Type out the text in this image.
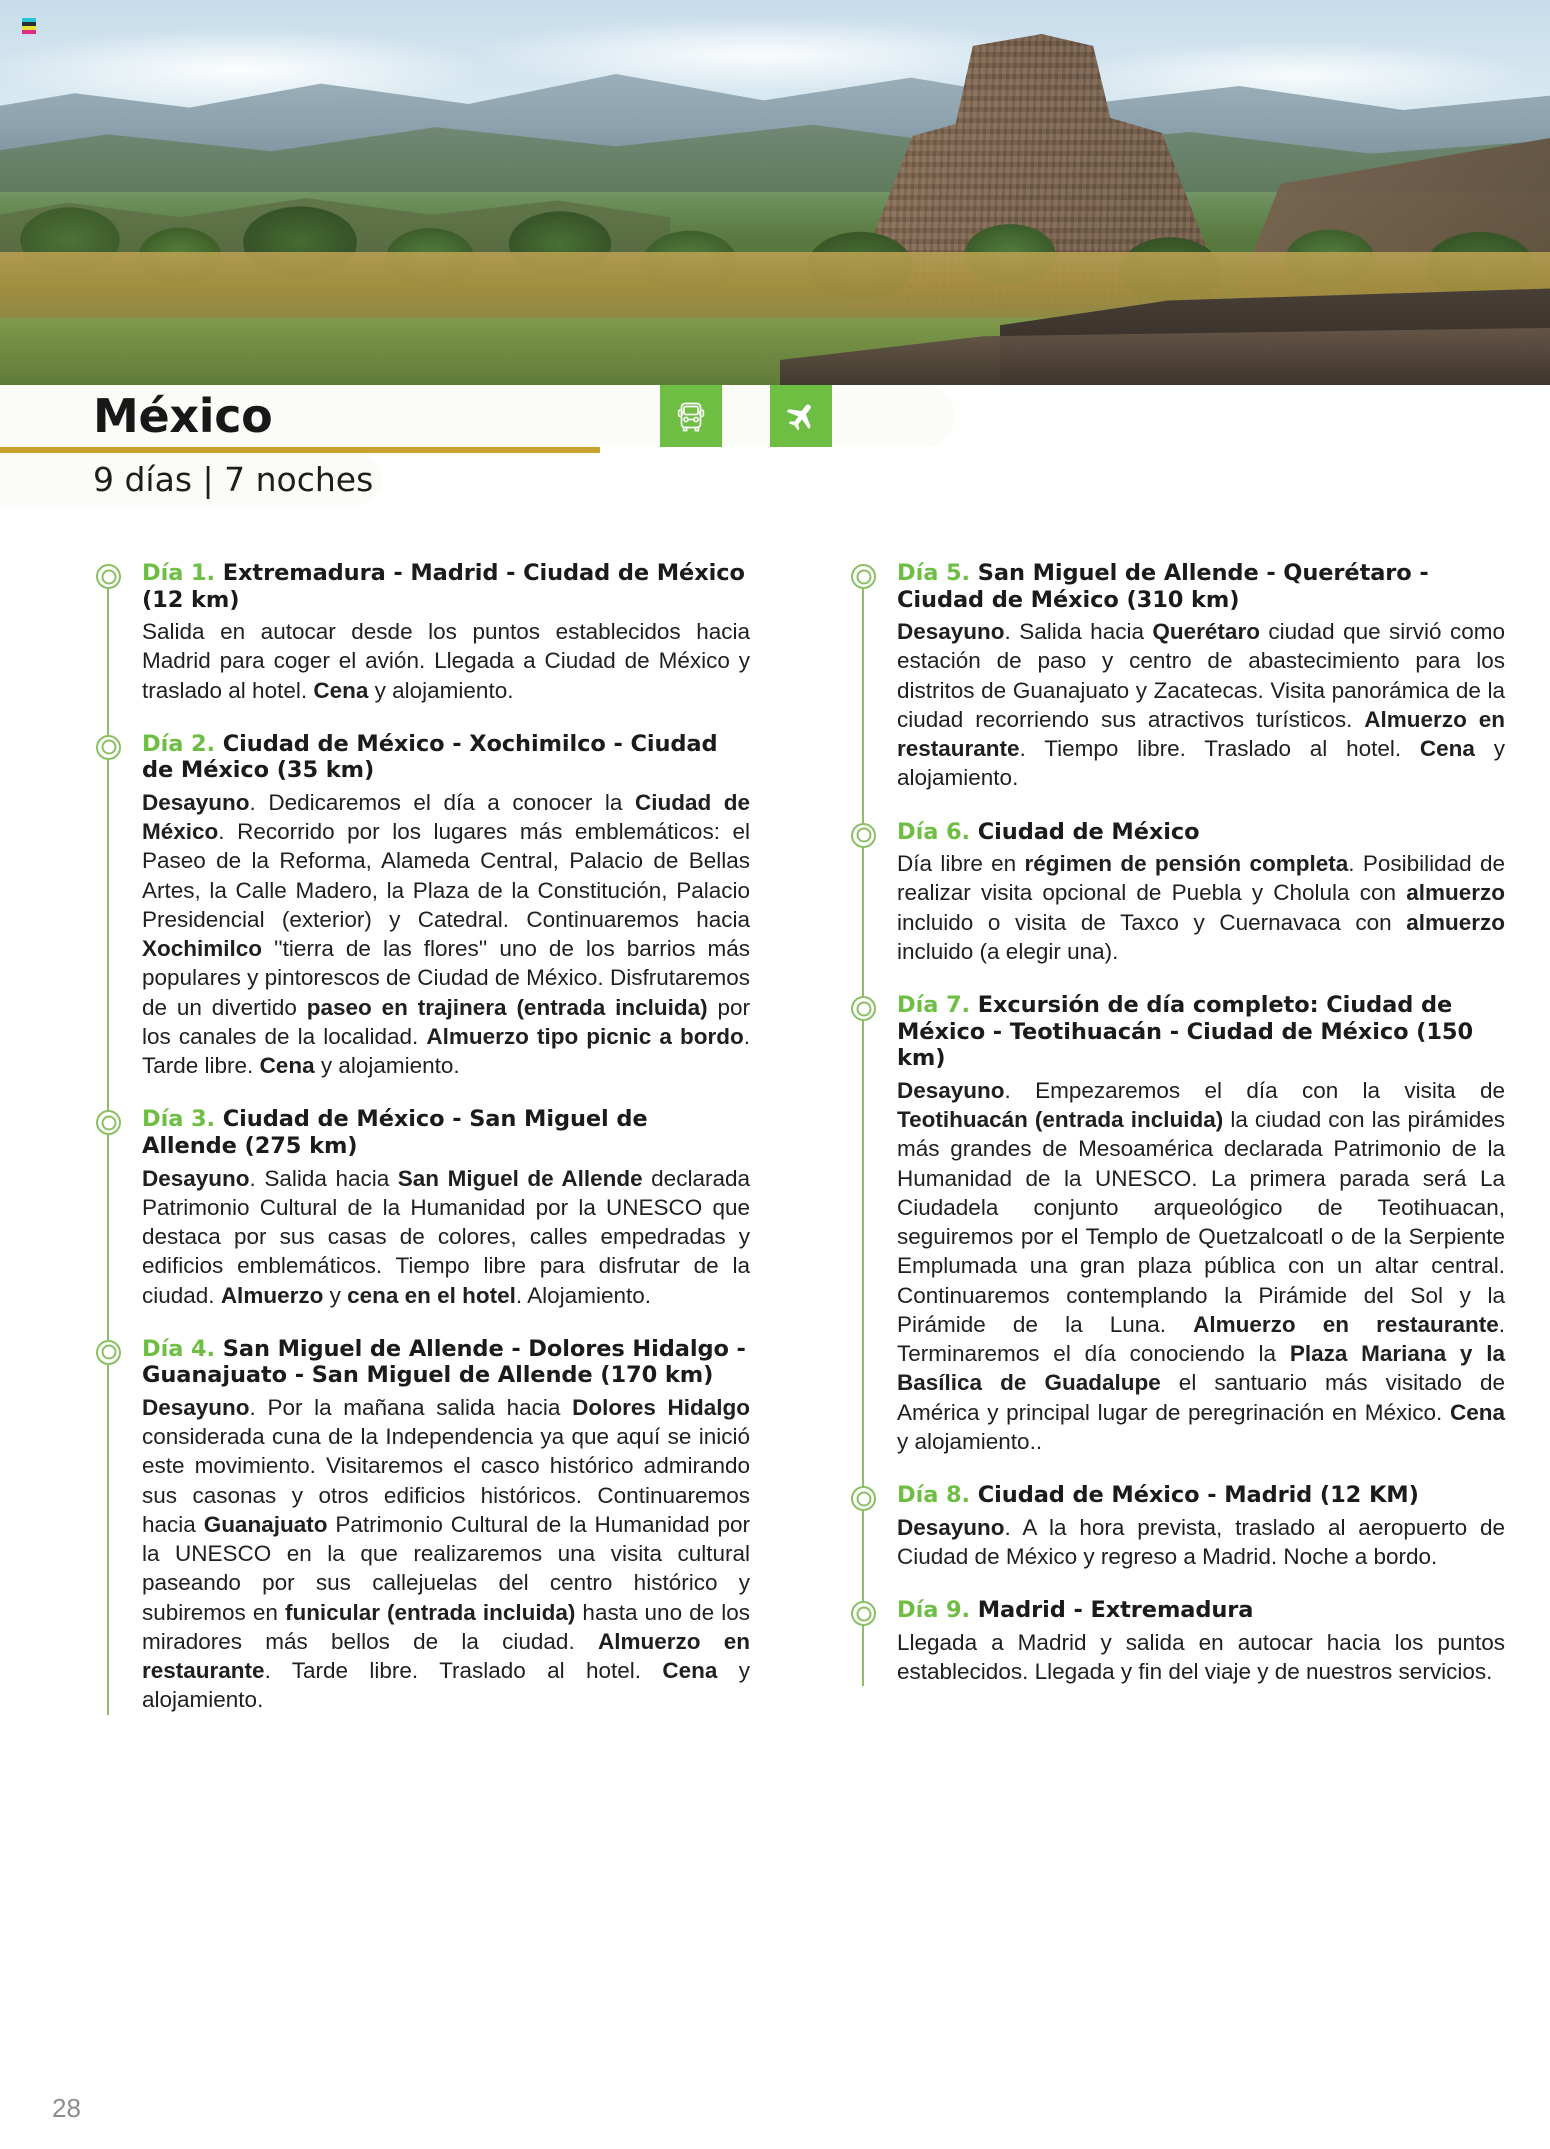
México
9 días | 7 noches
Día 1. Extremadura - Madrid - Ciudad de México (12 km)
Salida en autocar desde los puntos establecidos hacia Madrid para coger el avión. Llegada a Ciudad de México y traslado al hotel. Cena y alojamiento.
Día 2. Ciudad de México - Xochimilco - Ciudad de México (35 km)
Desayuno. Dedicaremos el día a conocer la Ciudad de México. Recorrido por los lugares más emblemáticos: el Paseo de la Reforma, Alameda Central, Palacio de Bellas Artes, la Calle Madero, la Plaza de la Constitución, Palacio Presidencial (exterior) y Catedral. Continuaremos hacia Xochimilco ''tierra de las flores'' uno de los barrios más populares y pintorescos de Ciudad de México. Disfrutaremos de un divertido paseo en trajinera (entrada incluida) por los canales de la localidad. Almuerzo tipo picnic a bordo. Tarde libre. Cena y alojamiento.
Día 3. Ciudad de México - San Miguel de Allende (275 km)
Desayuno. Salida hacia San Miguel de Allende declarada Patrimonio Cultural de la Humanidad por la UNESCO que destaca por sus casas de colores, calles empedradas y edificios emblemáticos. Tiempo libre para disfrutar de la ciudad. Almuerzo y cena en el hotel. Alojamiento.
Día 4. San Miguel de Allende - Dolores Hidalgo - Guanajuato - San Miguel de Allende (170 km)
Desayuno. Por la mañana salida hacia Dolores Hidalgo considerada cuna de la Independencia ya que aquí se inició este movimiento. Visitaremos el casco histórico admirando sus casonas y otros edificios históricos. Continuaremos hacia Guanajuato Patrimonio Cultural de la Humanidad por la UNESCO en la que realizaremos una visita cultural paseando por sus callejuelas del centro histórico y subiremos en funicular (entrada incluida) hasta uno de los miradores más bellos de la ciudad. Almuerzo en restaurante. Tarde libre. Traslado al hotel. Cena y alojamiento.
Día 5. San Miguel de Allende - Querétaro - Ciudad de México (310 km)
Desayuno. Salida hacia Querétaro ciudad que sirvió como estación de paso y centro de abastecimiento para los distritos de Guanajuato y Zacatecas. Visita panorámica de la ciudad recorriendo sus atractivos turísticos. Almuerzo en restaurante. Tiempo libre. Traslado al hotel. Cena y alojamiento.
Día 6. Ciudad de México
Día libre en régimen de pensión completa. Posibilidad de realizar visita opcional de Puebla y Cholula con almuerzo incluido o visita de Taxco y Cuernavaca con almuerzo incluido (a elegir una).
Día 7. Excursión de día completo: Ciudad de México - Teotihuacán - Ciudad de México (150 km)
Desayuno. Empezaremos el día con la visita de Teotihuacán (entrada incluida) la ciudad con las pirámides más grandes de Mesoamérica declarada Patrimonio de la Humanidad de la UNESCO. La primera parada será La Ciudadela conjunto arqueológico de Teotihuacan, seguiremos por el Templo de Quetzalcoatl o de la Serpiente Emplumada una gran plaza pública con un altar central. Continuaremos contemplando la Pirámide del Sol y la Pirámide de la Luna. Almuerzo en restaurante. Terminaremos el día conociendo la Plaza Mariana y la Basílica de Guadalupe el santuario más visitado de América y principal lugar de peregrinación en México. Cena y alojamiento..
Día 8. Ciudad de México - Madrid (12 KM)
Desayuno. A la hora prevista, traslado al aeropuerto de Ciudad de México y regreso a Madrid. Noche a bordo.
Día 9. Madrid - Extremadura
Llegada a Madrid y salida en autocar hacia los puntos establecidos. Llegada y fin del viaje y de nuestros servicios.
28
